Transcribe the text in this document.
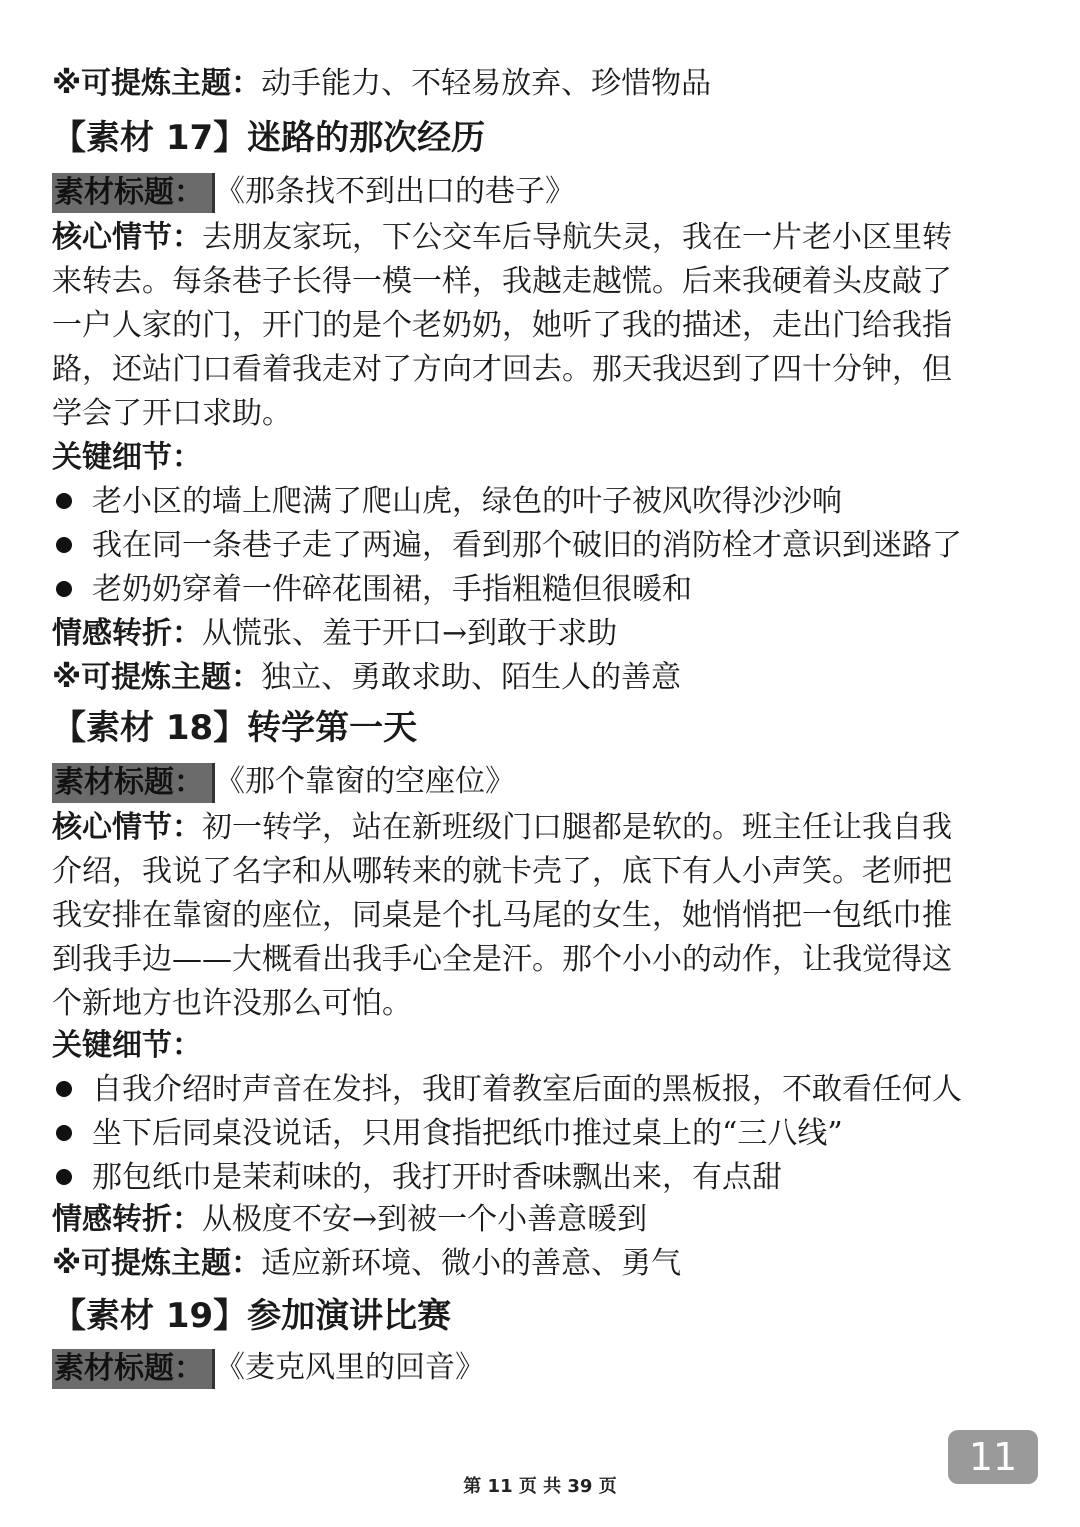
※可提炼主题：动手能力、不轻易放弃、珍惜物品
【素材 17】迷路的那次经历
素材标题： 《那条找不到出口的巷子》
核心情节：去朋友家玩，下公交车后导航失灵，我在一片老小区里转
来转去。每条巷子长得一模一样，我越走越慌。后来我硬着头皮敲了
一户人家的门，开门的是个老奶奶，她听了我的描述，走出门给我指
路，还站门口看着我走对了方向才回去。那天我迟到了四十分钟，但
学会了开口求助。
关键细节：
老小区的墙上爬满了爬山虎，绿色的叶子被风吹得沙沙响
我在同一条巷子走了两遍，看到那个破旧的消防栓才意识到迷路了
老奶奶穿着一件碎花围裙，手指粗糙但很暖和
情感转折：从慌张、羞于开口→到敢于求助
※可提炼主题：独立、勇敢求助、陌生人的善意
【素材 18】转学第一天
素材标题： 《那个靠窗的空座位》
核心情节：初一转学，站在新班级门口腿都是软的。班主任让我自我
介绍，我说了名字和从哪转来的就卡壳了，底下有人小声笑。老师把
我安排在靠窗的座位，同桌是个扎马尾的女生，她悄悄把一包纸巾推
到我手边——大概看出我手心全是汗。那个小小的动作，让我觉得这
个新地方也许没那么可怕。
关键细节：
自我介绍时声音在发抖，我盯着教室后面的黑板报，不敢看任何人
坐下后同桌没说话，只用食指把纸巾推过桌上的“三八线”
那包纸巾是茉莉味的，我打开时香味飘出来，有点甜
情感转折：从极度不安→到被一个小善意暖到
※可提炼主题：适应新环境、微小的善意、勇气
【素材 19】参加演讲比赛
素材标题： 《麦克风里的回音》
11
第 11 页 共 39 页
